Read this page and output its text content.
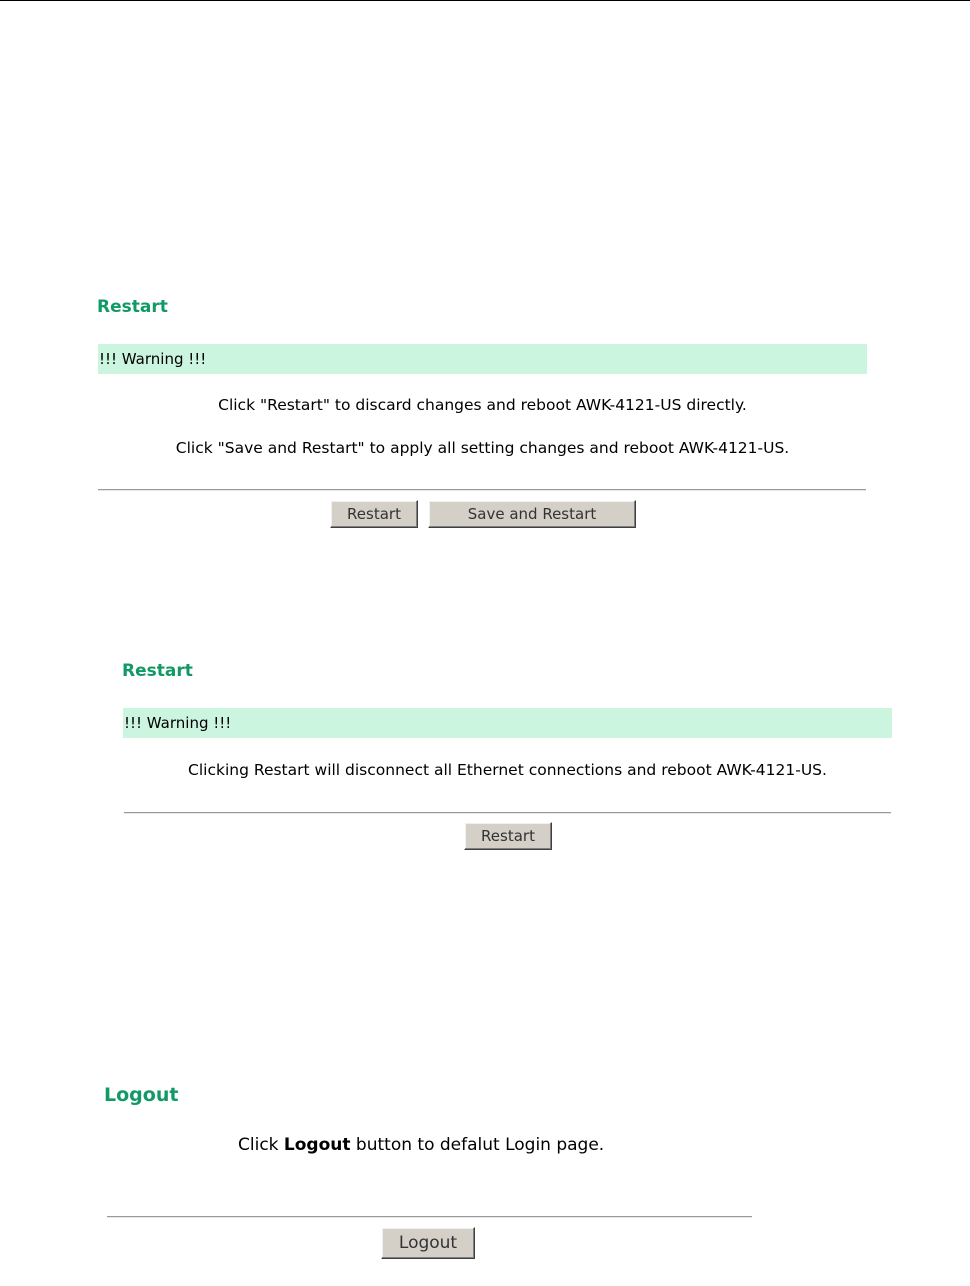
Restart
!!! Warning !!!
Click "Restart" to discard changes and reboot AWK-4121-US directly.
Click "Save and Restart" to apply all setting changes and reboot AWK-4121-US.
Restart	Save and Restart
Restart
!!! Warning !!!
Clicking Restart will disconnect all Ethernet connections and reboot AWK-4121-US.
Restart
Logout
Click Logout button to defalut Login page.
Logout
